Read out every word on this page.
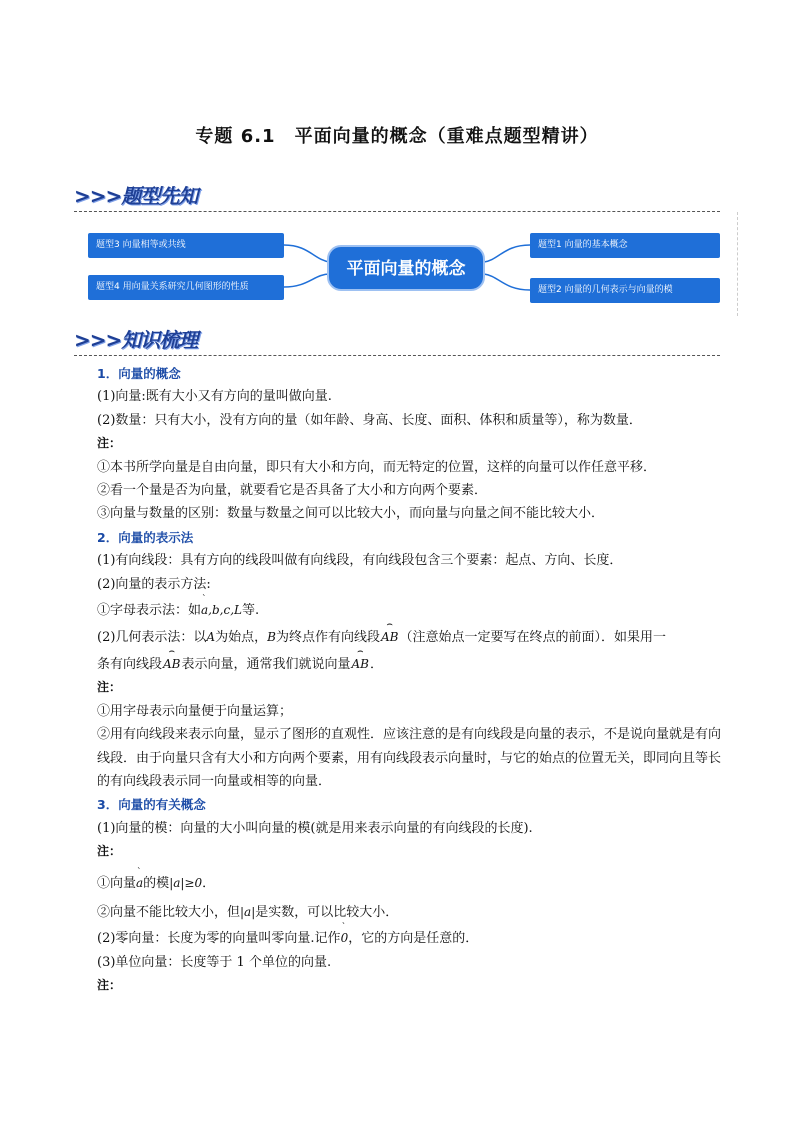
专题 6.1　平面向量的概念（重难点题型精讲）
>>>题型先知
题型3 向量相等或共线
题型4 用向量关系研究几何图形的性质
平面向量的概念
题型1 向量的基本概念
题型2 向量的几何表示与向量的模
>>>知识梳理
1．向量的概念
(1)向量:既有大小又有方向的量叫做向量.
(2)数量：只有大小，没有方向的量（如年龄、身高、长度、面积、体积和质量等），称为数量．
注：
①本书所学向量是自由向量，即只有大小和方向，而无特定的位置，这样的向量可以作任意平移．
②看一个量是否为向量，就要看它是否具备了大小和方向两个要素．
③向量与数量的区别：数量与数量之间可以比较大小，而向量与向量之间不能比较大小．
2．向量的表示法
(1)有向线段：具有方向的线段叫做有向线段，有向线段包含三个要素：起点、方向、长度．
(2)向量的表示方法:
①字母表示法：如` a,b,c,L等.
(2)几何表示法：以A为始点，B为终点作有向线段⌢ AB（注意始点一定要写在终点的前面）．如果用一
条有向线段⌢ AB表示向量，通常我们就说向量⌢ AB．
注：
①用字母表示向量便于向量运算；
②用有向线段来表示向量，显示了图形的直观性．应该注意的是有向线段是向量的表示，不是说向量就是有向线段．由于向量只含有大小和方向两个要素，用有向线段表示向量时，与它的始点的位置无关，即同向且等长的有向线段表示同一向量或相等的向量．
3．向量的有关概念
(1)向量的模：向量的大小叫向量的模(就是用来表示向量的有向线段的长度).
注：
①向量` a的模|a|≥0．
②向量不能比较大小，但|a|是实数，可以比较大小．
(2)零向量：长度为零的向量叫零向量.记作` 0，它的方向是任意的．
(3)单位向量：长度等于 1 个单位的向量.
注：
